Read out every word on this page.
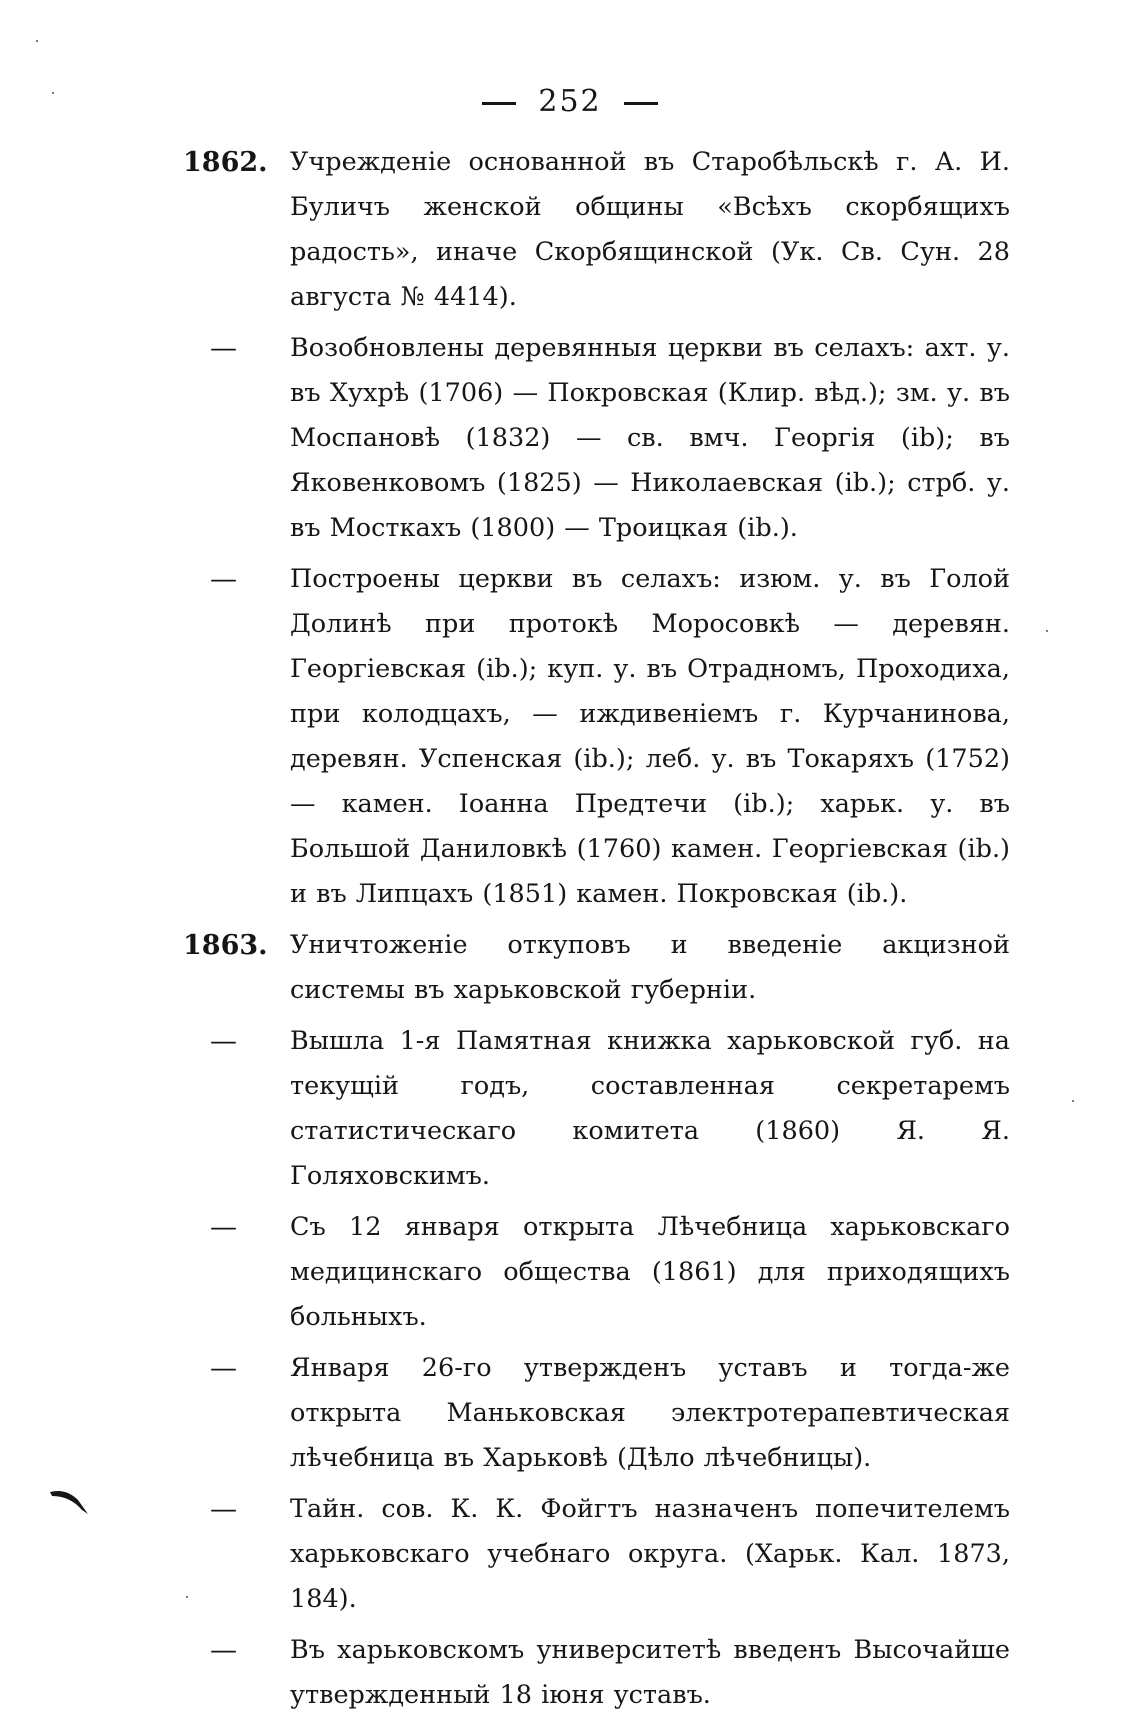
252
1862. Учрежденіе основанной въ Старобѣльскѣ г. А. И. Буличъ женской общины «Всѣхъ скорбящихъ радость», иначе Скорбящинской (Ук. Св. Сун. 28 августа № 4414).
—	Возобновлены деревянныя церкви въ селахъ: ахт. у. въ Хухрѣ (1706) — Покровская (Клир. вѣд.); зм. у. въ Моспановѣ (1832) — св. вмч. Георгія (ib); въ Яковенковомъ (1825) — Николаевская (ib.); стрб. у. въ Мосткахъ (1800) — Троицкая (ib.).
—	Построены церкви въ селахъ: изюм. у. въ Голой Долинѣ при протокѣ Моросовкѣ — деревян. Георгіевская (ib.); куп. у. въ Отрадномъ, Проходиха, при колодцахъ, — иждивеніемъ г. Курчанинова, деревян. Успенская (ib.); леб. у. въ Токаряхъ (1752) — камен. Іоанна Предтечи (ib.); харьк. у. въ Большой Даниловкѣ (1760) камен. Георгіевская (ib.) и въ Липцахъ (1851) камен. Покровская (ib.).
1863. Уничтоженіе откуповъ и введеніе акцизной системы въ харьковской губерніи.
—	Вышла 1-я Памятная книжка харьковской губ. на текущій годъ, составленная секретаремъ статистическаго комитета (1860) Я. Я. Голяховскимъ.
—	Съ 12 января открыта Лѣчебница харьковскаго медицинскаго общества (1861) для приходящихъ больныхъ.
—	Января 26-го утвержденъ уставъ и тогда-же открыта Маньковская электротерапевтическая лѣчебница въ Харьковѣ (Дѣло лѣчебницы).
—	Тайн. сов. К. К. Фойгтъ назначенъ попечителемъ харьковскаго учебнаго округа. (Харьк. Кал. 1873, 184).
—	Въ харьковскомъ университетѣ введенъ Высочайше утвержденный 18 іюня уставъ.
